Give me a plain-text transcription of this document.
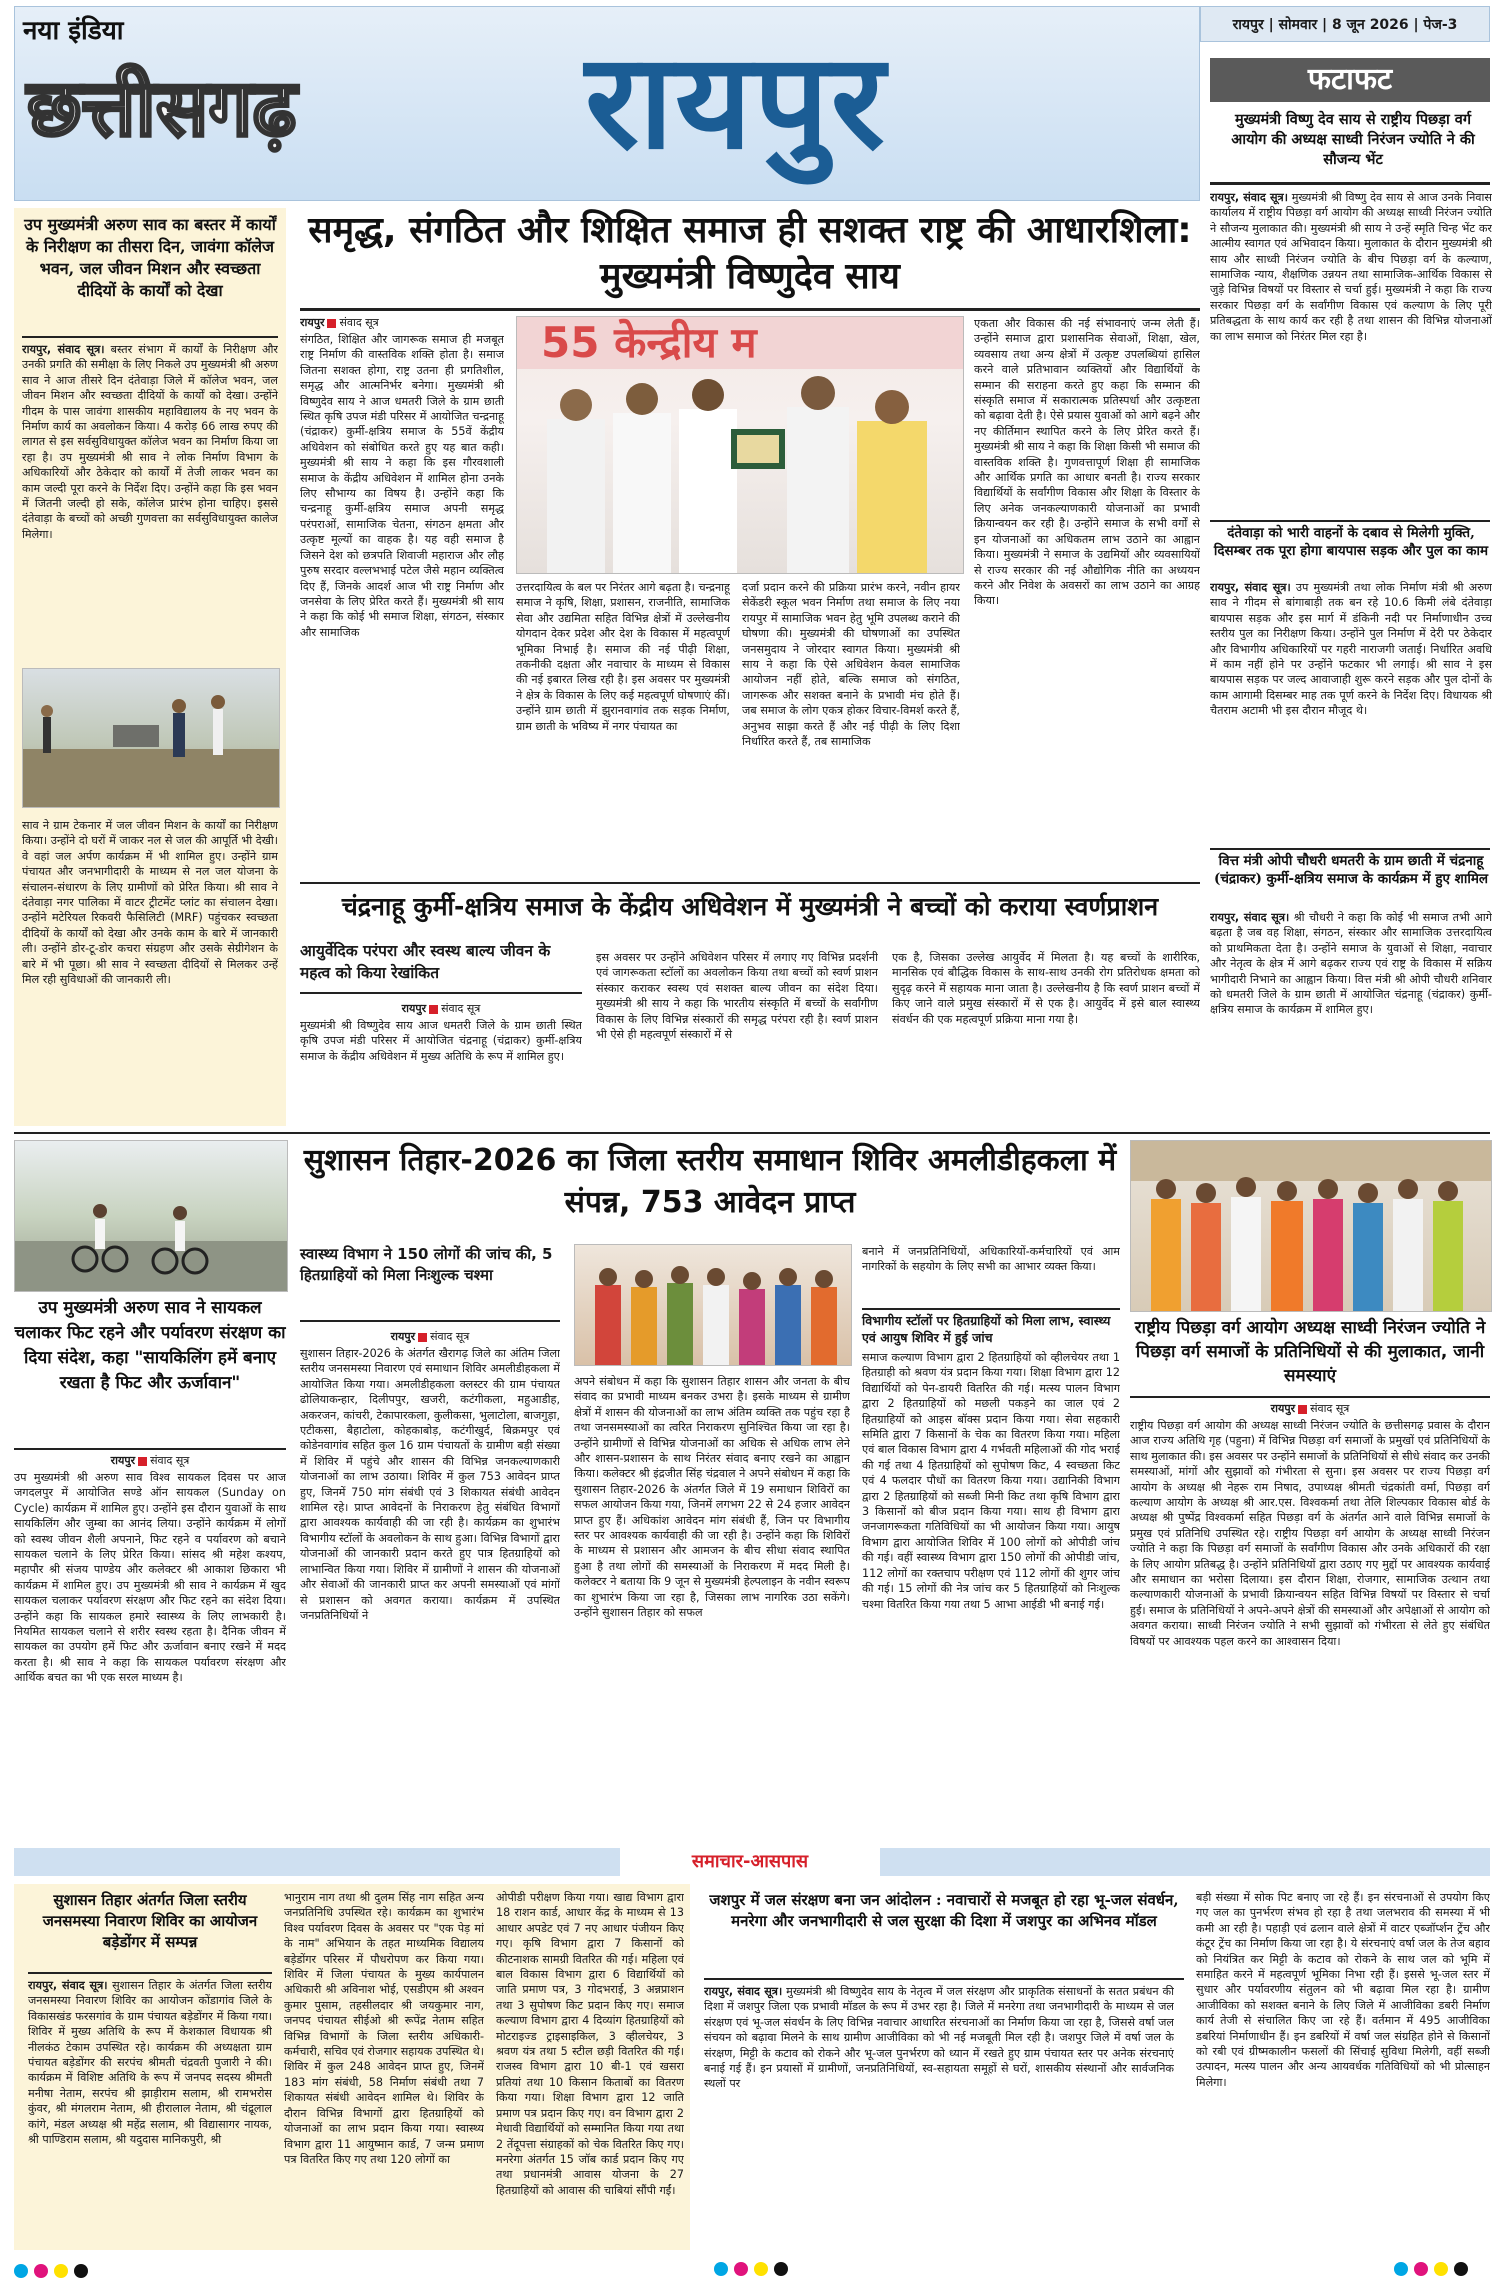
नया इंडिया
छत्तीसगढ़ रायपुर	रायपुर | सोमवार | 8 जून 2026 | पेज-3
फटाफट
मुख्यमंत्री विष्णु देव साय से राष्ट्रीय पिछड़ा वर्ग आयोग की अध्यक्ष साध्वी निरंजन ज्योति ने की सौजन्य भेंट
रायपुर, संवाद सूत्र। मुख्यमंत्री श्री विष्णु देव साय से आज उनके निवास कार्यालय में राष्ट्रीय पिछड़ा वर्ग आयोग की अध्यक्ष साध्वी निरंजन ज्योति ने सौजन्य मुलाकात की। मुख्यमंत्री श्री साय ने उन्हें स्मृति चिन्ह भेंट कर आत्मीय स्वागत एवं अभिवादन किया। मुलाकात के दौरान मुख्यमंत्री श्री साय और साध्वी निरंजन ज्योति के बीच पिछड़ा वर्ग के कल्याण, सामाजिक न्याय, शैक्षणिक उन्नयन तथा सामाजिक-आर्थिक विकास से जुड़े विभिन्न विषयों पर विस्तार से चर्चा हुई। मुख्यमंत्री ने कहा कि राज्य सरकार पिछड़ा वर्ग के सर्वांगीण विकास एवं कल्याण के लिए पूरी प्रतिबद्धता के साथ कार्य कर रही है तथा शासन की विभिन्न योजनाओं का लाभ समाज को निरंतर मिल रहा है।
दंतेवाड़ा को भारी वाहनों के दबाव से मिलेगी मुक्ति, दिसम्बर तक पूरा होगा बायपास सड़क और पुल का काम
रायपुर, संवाद सूत्र। उप मुख्यमंत्री तथा लोक निर्माण मंत्री श्री अरुण साव ने गीदम से बांगाबाड़ी तक बन रहे 10.6 किमी लंबे दंतेवाड़ा बायपास सड़क और इस मार्ग में डंकिनी नदी पर निर्माणाधीन उच्च स्तरीय पुल का निरीक्षण किया। उन्होंने पुल निर्माण में देरी पर ठेकेदार और विभागीय अधिकारियों पर गहरी नाराजगी जताई। निर्धारित अवधि में काम नहीं होने पर उन्होंने फटकार भी लगाई। श्री साव ने इस बायपास सड़क पर जल्द आवाजाही शुरू करने सड़क और पुल दोनों के काम आगामी दिसम्बर माह तक पूर्ण करने के निर्देश दिए। विधायक श्री चैतराम अटामी भी इस दौरान मौजूद थे।
वित्त मंत्री ओपी चौधरी धमतरी के ग्राम छाती में चंद्रनाहू (चंद्राकर) कुर्मी-क्षत्रिय समाज के कार्यक्रम में हुए शामिल
रायपुर, संवाद सूत्र। श्री चौधरी ने कहा कि कोई भी समाज तभी आगे बढ़ता है जब वह शिक्षा, संगठन, संस्कार और सामाजिक उत्तरदायित्व को प्राथमिकता देता है। उन्होंने समाज के युवाओं से शिक्षा, नवाचार और नेतृत्व के क्षेत्र में आगे बढ़कर राज्य एवं राष्ट्र के विकास में सक्रिय भागीदारी निभाने का आह्वान किया। वित्त मंत्री श्री ओपी चौधरी शनिवार को धमतरी जिले के ग्राम छाती में आयोजित चंद्रनाहू (चंद्राकर) कुर्मी-क्षत्रिय समाज के कार्यक्रम में शामिल हुए।
उप मुख्यमंत्री अरुण साव का बस्तर में कार्यों के निरीक्षण का तीसरा दिन, जावंगा कॉलेज भवन, जल जीवन मिशन और स्वच्छता दीदियों के कार्यों को देखा
रायपुर, संवाद सूत्र। बस्तर संभाग में कार्यों के निरीक्षण और उनकी प्रगति की समीक्षा के लिए निकले उप मुख्यमंत्री श्री अरुण साव ने आज तीसरे दिन दंतेवाड़ा जिले में कॉलेज भवन, जल जीवन मिशन और स्वच्छता दीदियों के कार्यों को देखा। उन्होंने गीदम के पास जावंगा शासकीय महाविद्यालय के नए भवन के निर्माण कार्य का अवलोकन किया। 4 करोड़ 66 लाख रुपए की लागत से इस सर्वसुविधायुक्त कॉलेज भवन का निर्माण किया जा रहा है। उप मुख्यमंत्री श्री साव ने लोक निर्माण विभाग के अधिकारियों और ठेकेदार को कार्यों में तेजी लाकर भवन का काम जल्दी पूरा करने के निर्देश दिए। उन्होंने कहा कि इस भवन में जितनी जल्दी हो सके, कॉलेज प्रारंभ होना चाहिए। इससे दंतेवाड़ा के बच्चों को अच्छी गुणवत्ता का सर्वसुविधायुक्त कालेज मिलेगा।
साव ने ग्राम टेकनार में जल जीवन मिशन के कार्यों का निरीक्षण किया। उन्होंने दो घरों में जाकर नल से जल की आपूर्ति भी देखी। वे वहां जल अर्पण कार्यक्रम में भी शामिल हुए। उन्होंने ग्राम पंचायत और जनभागीदारी के माध्यम से नल जल योजना के संचालन-संधारण के लिए ग्रामीणों को प्रेरित किया। श्री साव ने दंतेवाड़ा नगर पालिका में वाटर ट्रीटमेंट प्लांट का संचालन देखा। उन्होंने मटेरियल रिकवरी फैसिलिटी (MRF) पहुंचकर स्वच्छता दीदियों के कार्यों को देखा और उनके काम के बारे में जानकारी ली। उन्होंने डोर-टू-डोर कचरा संग्रहण और उसके सेग्रीगेशन के बारे में भी पूछा। श्री साव ने स्वच्छता दीदियों से मिलकर उन्हें मिल रही सुविधाओं की जानकारी ली।
समृद्ध, संगठित और शिक्षित समाज ही सशक्त राष्ट्र की आधारशिला: मुख्यमंत्री विष्णुदेव साय
रायपुर संवाद सूत्र
संगठित, शिक्षित और जागरूक समाज ही मजबूत राष्ट्र निर्माण की वास्तविक शक्ति होता है। समाज जितना सशक्त होगा, राष्ट्र उतना ही प्रगतिशील, समृद्ध और आत्मनिर्भर बनेगा। मुख्यमंत्री श्री विष्णुदेव साय ने आज धमतरी जिले के ग्राम छाती स्थित कृषि उपज मंडी परिसर में आयोजित चन्द्रनाहू (चंद्राकर) कुर्मी-क्षत्रिय समाज के 55वें केंद्रीय अधिवेशन को संबोधित करते हुए यह बात कही। मुख्यमंत्री श्री साय ने कहा कि इस गौरवशाली समाज के केंद्रीय अधिवेशन में शामिल होना उनके लिए सौभाग्य का विषय है। उन्होंने कहा कि चन्द्रनाहू कुर्मी-क्षत्रिय समाज अपनी समृद्ध परंपराओं, सामाजिक चेतना, संगठन क्षमता और उत्कृष्ट मूल्यों का वाहक है। यह वही समाज है जिसने देश को छत्रपति शिवाजी महाराज और लौह पुरुष सरदार वल्लभभाई पटेल जैसे महान व्यक्तित्व दिए हैं, जिनके आदर्श आज भी राष्ट्र निर्माण और जनसेवा के लिए प्रेरित करते हैं। मुख्यमंत्री श्री साय ने कहा कि कोई भी समाज शिक्षा, संगठन, संस्कार और सामाजिक
55 केन्द्रीय म
उत्तरदायित्व के बल पर निरंतर आगे बढ़ता है। चन्द्रनाहू समाज ने कृषि, शिक्षा, प्रशासन, राजनीति, सामाजिक सेवा और उद्यमिता सहित विभिन्न क्षेत्रों में उल्लेखनीय योगदान देकर प्रदेश और देश के विकास में महत्वपूर्ण भूमिका निभाई है। समाज की नई पीढ़ी शिक्षा, तकनीकी दक्षता और नवाचार के माध्यम से विकास की नई इबारत लिख रही है। इस अवसर पर मुख्यमंत्री ने क्षेत्र के विकास के लिए कई महत्वपूर्ण घोषणाएं कीं। उन्होंने ग्राम छाती में झुरानवागांव तक सड़क निर्माण, ग्राम छाती के भविष्य में नगर पंचायत का
दर्जा प्रदान करने की प्रक्रिया प्रारंभ करने, नवीन हायर सेकेंडरी स्कूल भवन निर्माण तथा समाज के लिए नया रायपुर में सामाजिक भवन हेतु भूमि उपलब्ध कराने की घोषणा की। मुख्यमंत्री की घोषणाओं का उपस्थित जनसमुदाय ने जोरदार स्वागत किया। मुख्यमंत्री श्री साय ने कहा कि ऐसे अधिवेशन केवल सामाजिक आयोजन नहीं होते, बल्कि समाज को संगठित, जागरूक और सशक्त बनाने के प्रभावी मंच होते हैं। जब समाज के लोग एकत्र होकर विचार-विमर्श करते हैं, अनुभव साझा करते हैं और नई पीढ़ी के लिए दिशा निर्धारित करते हैं, तब सामाजिक
एकता और विकास की नई संभावनाएं जन्म लेती हैं। उन्होंने समाज द्वारा प्रशासनिक सेवाओं, शिक्षा, खेल, व्यवसाय तथा अन्य क्षेत्रों में उत्कृष्ट उपलब्धियां हासिल करने वाले प्रतिभावान व्यक्तियों और विद्यार्थियों के सम्मान की सराहना करते हुए कहा कि सम्मान की संस्कृति समाज में सकारात्मक प्रतिस्पर्धा और उत्कृष्टता को बढ़ावा देती है। ऐसे प्रयास युवाओं को आगे बढ़ने और नए कीर्तिमान स्थापित करने के लिए प्रेरित करते हैं। मुख्यमंत्री श्री साय ने कहा कि शिक्षा किसी भी समाज की वास्तविक शक्ति है। गुणवत्तापूर्ण शिक्षा ही सामाजिक और आर्थिक प्रगति का आधार बनती है। राज्य सरकार विद्यार्थियों के सर्वांगीण विकास और शिक्षा के विस्तार के लिए अनेक जनकल्याणकारी योजनाओं का प्रभावी क्रियान्वयन कर रही है। उन्होंने समाज के सभी वर्गों से इन योजनाओं का अधिकतम लाभ उठाने का आह्वान किया। मुख्यमंत्री ने समाज के उद्यमियों और व्यवसायियों से राज्य सरकार की नई औद्योगिक नीति का अध्ययन करने और निवेश के अवसरों का लाभ उठाने का आग्रह किया।
चंद्रनाहू कुर्मी-क्षत्रिय समाज के केंद्रीय अधिवेशन में मुख्यमंत्री ने बच्चों को कराया स्वर्णप्राशन
आयुर्वेदिक परंपरा और स्वस्थ बाल्य जीवन के महत्व को किया रेखांकित
रायपुर संवाद सूत्र
मुख्यमंत्री श्री विष्णुदेव साय आज धमतरी जिले के ग्राम छाती स्थित कृषि उपज मंडी परिसर में आयोजित चंद्रनाहू (चंद्राकर) कुर्मी-क्षत्रिय समाज के केंद्रीय अधिवेशन में मुख्य अतिथि के रूप में शामिल हुए।
इस अवसर पर उन्होंने अधिवेशन परिसर में लगाए गए विभिन्न प्रदर्शनी एवं जागरूकता स्टॉलों का अवलोकन किया तथा बच्चों को स्वर्ण प्राशन संस्कार कराकर स्वस्थ एवं सशक्त बाल्य जीवन का संदेश दिया। मुख्यमंत्री श्री साय ने कहा कि भारतीय संस्कृति में बच्चों के सर्वांगीण विकास के लिए विभिन्न संस्कारों की समृद्ध परंपरा रही है। स्वर्ण प्राशन भी ऐसे ही महत्वपूर्ण संस्कारों में से
एक है, जिसका उल्लेख आयुर्वेद में मिलता है। यह बच्चों के शारीरिक, मानसिक एवं बौद्धिक विकास के साथ-साथ उनकी रोग प्रतिरोधक क्षमता को सुदृढ़ करने में सहायक माना जाता है। उल्लेखनीय है कि स्वर्ण प्राशन बच्चों में किए जाने वाले प्रमुख संस्कारों में से एक है। आयुर्वेद में इसे बाल स्वास्थ्य संवर्धन की एक महत्वपूर्ण प्रक्रिया माना गया है।
उप मुख्यमंत्री अरुण साव ने सायकल चलाकर फिट रहने और पर्यावरण संरक्षण का दिया संदेश, कहा "सायकिलिंग हमें बनाए रखता है फिट और ऊर्जावान"
रायपुर संवाद सूत्र
उप मुख्यमंत्री श्री अरुण साव विश्व सायकल दिवस पर आज जगदलपुर में आयोजित सण्डे ऑन सायकल (Sunday on Cycle) कार्यक्रम में शामिल हुए। उन्होंने इस दौरान युवाओं के साथ सायकिलिंग और जुम्बा का आनंद लिया। उन्होंने कार्यक्रम में लोगों को स्वस्थ जीवन शैली अपनाने, फिट रहने व पर्यावरण को बचाने सायकल चलाने के लिए प्रेरित किया। सांसद श्री महेश कश्यप, महापौर श्री संजय पाण्डेय और कलेक्टर श्री आकाश छिकारा भी कार्यक्रम में शामिल हुए। उप मुख्यमंत्री श्री साव ने कार्यक्रम में खुद सायकल चलाकर पर्यावरण संरक्षण और फिट रहने का संदेश दिया। उन्होंने कहा कि सायकल हमारे स्वास्थ्य के लिए लाभकारी है। नियमित सायकल चलाने से शरीर स्वस्थ रहता है। दैनिक जीवन में सायकल का उपयोग हमें फिट और ऊर्जावान बनाए रखने में मदद करता है। श्री साव ने कहा कि सायकल पर्यावरण संरक्षण और आर्थिक बचत का भी एक सरल माध्यम है।
सुशासन तिहार-2026 का जिला स्तरीय समाधान शिविर अमलीडीहकला में संपन्न, 753 आवेदन प्राप्त
स्वास्थ्य विभाग ने 150 लोगों की जांच की, 5 हितग्राहियों को मिला निःशुल्क चश्मा
रायपुर संवाद सूत्र
सुशासन तिहार-2026 के अंतर्गत खैरागढ़ जिले का अंतिम जिला स्तरीय जनसमस्या निवारण एवं समाधान शिविर अमलीडीहकला में आयोजित किया गया। अमलीडीहकला क्लस्टर की ग्राम पंचायत ढोलियाकन्हार, दिलीपपुर, खजरी, कटंगीकला, महुआडीह, अकरजन, कांचरी, टेकापारकला, कुलीकसा, भुलाटोला, बाजगुड़ा, एटीकसा, बैहाटोला, कोहकाबोड़, कटंगीखुर्द, बिक्रमपुर एवं कोडेनवागांव सहित कुल 16 ग्राम पंचायतों के ग्रामीण बड़ी संख्या में शिविर में पहुंचे और शासन की विभिन्न जनकल्याणकारी योजनाओं का लाभ उठाया। शिविर में कुल 753 आवेदन प्राप्त हुए, जिनमें 750 मांग संबंधी एवं 3 शिकायत संबंधी आवेदन शामिल रहे। प्राप्त आवेदनों के निराकरण हेतु संबंधित विभागों द्वारा आवश्यक कार्यवाही की जा रही है। कार्यक्रम का शुभारंभ विभागीय स्टॉलों के अवलोकन के साथ हुआ। विभिन्न विभागों द्वारा योजनाओं की जानकारी प्रदान करते हुए पात्र हितग्राहियों को लाभान्वित किया गया। शिविर में ग्रामीणों ने शासन की योजनाओं और सेवाओं की जानकारी प्राप्त कर अपनी समस्याओं एवं मांगों से प्रशासन को अवगत कराया। कार्यक्रम में उपस्थित जनप्रतिनिधियों ने
अपने संबोधन में कहा कि सुशासन तिहार शासन और जनता के बीच संवाद का प्रभावी माध्यम बनकर उभरा है। इसके माध्यम से ग्रामीण क्षेत्रों में शासन की योजनाओं का लाभ अंतिम व्यक्ति तक पहुंच रहा है तथा जनसमस्याओं का त्वरित निराकरण सुनिश्चित किया जा रहा है। उन्होंने ग्रामीणों से विभिन्न योजनाओं का अधिक से अधिक लाभ लेने और शासन-प्रशासन के साथ निरंतर संवाद बनाए रखने का आह्वान किया। कलेक्टर श्री इंद्रजीत सिंह चंद्रवाल ने अपने संबोधन में कहा कि सुशासन तिहार-2026 के अंतर्गत जिले में 19 समाधान शिविरों का सफल आयोजन किया गया, जिनमें लगभग 22 से 24 हजार आवेदन प्राप्त हुए हैं। अधिकांश आवेदन मांग संबंधी हैं, जिन पर विभागीय स्तर पर आवश्यक कार्यवाही की जा रही है। उन्होंने कहा कि शिविरों के माध्यम से प्रशासन और आमजन के बीच सीधा संवाद स्थापित हुआ है तथा लोगों की समस्याओं के निराकरण में मदद मिली है। कलेक्टर ने बताया कि 9 जून से मुख्यमंत्री हेल्पलाइन के नवीन स्वरूप का शुभारंभ किया जा रहा है, जिसका लाभ नागरिक उठा सकेंगे। उन्होंने सुशासन तिहार को सफल
बनाने में जनप्रतिनिधियों, अधिकारियों-कर्मचारियों एवं आम नागरिकों के सहयोग के लिए सभी का आभार व्यक्त किया।
विभागीय स्टॉलों पर हितग्राहियों को मिला लाभ, स्वास्थ्य एवं आयुष शिविर में हुई जांच
समाज कल्याण विभाग द्वारा 2 हितग्राहियों को व्हीलचेयर तथा 1 हितग्राही को श्रवण यंत्र प्रदान किया गया। शिक्षा विभाग द्वारा 12 विद्यार्थियों को पेन-डायरी वितरित की गई। मत्स्य पालन विभाग द्वारा 2 हितग्राहियों को मछली पकड़ने का जाल एवं 2 हितग्राहियों को आइस बॉक्स प्रदान किया गया। सेवा सहकारी समिति द्वारा 7 किसानों के चेक का वितरण किया गया। महिला एवं बाल विकास विभाग द्वारा 4 गर्भवती महिलाओं की गोद भराई की गई तथा 4 हितग्राहियों को सुपोषण किट, 4 स्वच्छता किट एवं 4 फलदार पौधों का वितरण किया गया। उद्यानिकी विभाग द्वारा 2 हितग्राहियों को सब्जी मिनी किट तथा कृषि विभाग द्वारा 3 किसानों को बीज प्रदान किया गया। साथ ही विभाग द्वारा जनजागरूकता गतिविधियों का भी आयोजन किया गया। आयुष विभाग द्वारा आयोजित शिविर में 100 लोगों को ओपीडी जांच की गई। वहीं स्वास्थ्य विभाग द्वारा 150 लोगों की ओपीडी जांच, 112 लोगों का रक्तचाप परीक्षण एवं 112 लोगों की शुगर जांच की गई। 15 लोगों की नेत्र जांच कर 5 हितग्राहियों को निःशुल्क चश्मा वितरित किया गया तथा 5 आभा आईडी भी बनाई गई।
राष्ट्रीय पिछड़ा वर्ग आयोग अध्यक्ष साध्वी निरंजन ज्योति ने पिछड़ा वर्ग समाजों के प्रतिनिधियों से की मुलाकात, जानी समस्याएं
रायपुर संवाद सूत्र
राष्ट्रीय पिछड़ा वर्ग आयोग की अध्यक्ष साध्वी निरंजन ज्योति के छत्तीसगढ़ प्रवास के दौरान आज राज्य अतिथि गृह (पहुना) में विभिन्न पिछड़ा वर्ग समाजों के प्रमुखों एवं प्रतिनिधियों के साथ मुलाकात की। इस अवसर पर उन्होंने समाजों के प्रतिनिधियों से सीधे संवाद कर उनकी समस्याओं, मांगों और सुझावों को गंभीरता से सुना। इस अवसर पर राज्य पिछड़ा वर्ग आयोग के अध्यक्ष श्री नेहरू राम निषाद, उपाध्यक्ष श्रीमती चंद्रकांती वर्मा, पिछड़ा वर्ग कल्याण आयोग के अध्यक्ष श्री आर.एस. विश्वकर्मा तथा तेलि शिल्पकार विकास बोर्ड के अध्यक्ष श्री पुष्पेंद्र विश्वकर्मा सहित पिछड़ा वर्ग के अंतर्गत आने वाले विभिन्न समाजों के प्रमुख एवं प्रतिनिधि उपस्थित रहे। राष्ट्रीय पिछड़ा वर्ग आयोग के अध्यक्ष साध्वी निरंजन ज्योति ने कहा कि पिछड़ा वर्ग समाजों के सर्वांगीण विकास और उनके अधिकारों की रक्षा के लिए आयोग प्रतिबद्ध है। उन्होंने प्रतिनिधियों द्वारा उठाए गए मुद्दों पर आवश्यक कार्यवाई और समाधान का भरोसा दिलाया। इस दौरान शिक्षा, रोजगार, सामाजिक उत्थान तथा कल्याणकारी योजनाओं के प्रभावी क्रियान्वयन सहित विभिन्न विषयों पर विस्तार से चर्चा हुई। समाज के प्रतिनिधियों ने अपने-अपने क्षेत्रों की समस्याओं और अपेक्षाओं से आयोग को अवगत कराया। साध्वी निरंजन ज्योति ने सभी सुझावों को गंभीरता से लेते हुए संबंधित विषयों पर आवश्यक पहल करने का आश्वासन दिया।
समाचार-आसपास
सुशासन तिहार अंतर्गत जिला स्तरीय जनसमस्या निवारण शिविर का आयोजन बड़ेडोंगर में सम्पन्न
रायपुर, संवाद सूत्र। सुशासन तिहार के अंतर्गत जिला स्तरीय जनसमस्या निवारण शिविर का आयोजन कोंडागांव जिले के विकासखंड फरसगांव के ग्राम पंचायत बड़ेडोंगर में किया गया। शिविर में मुख्य अतिथि के रूप में केशकाल विधायक श्री नीलकंठ टेकाम उपस्थित रहे। कार्यक्रम की अध्यक्षता ग्राम पंचायत बड़ेडोंगर की सरपंच श्रीमती चंद्रवती पुजारी ने की। कार्यक्रम में विशिष्ट अतिथि के रूप में जनपद सदस्य श्रीमती मनीषा नेताम, सरपंच श्री झाड़ीराम सलाम, श्री रामभरोस कुंवर, श्री मंगलराम नेताम, श्री हीरालाल नेताम, श्री चंद्रूलाल कांगे, मंडल अध्यक्ष श्री महेंद्र सलाम, श्री विद्यासागर नायक, श्री पाण्डिराम सलाम, श्री यदुदास मानिकपुरी, श्री
भानुराम नाग तथा श्री दुलम सिंह नाग सहित अन्य जनप्रतिनिधि उपस्थित रहे। कार्यक्रम का शुभारंभ विश्व पर्यावरण दिवस के अवसर पर "एक पेड़ मां के नाम" अभियान के तहत माध्यमिक विद्यालय बड़ेडोंगर परिसर में पौधरोपण कर किया गया। शिविर में जिला पंचायत के मुख्य कार्यपालन अधिकारी श्री अविनाश भोई, एसडीएम श्री अश्वन कुमार पुसाम, तहसीलदार श्री जयकुमार नाग, जनपद पंचायत सीईओ श्री रूपेंद्र नेताम सहित विभिन्न विभागों के जिला स्तरीय अधिकारी-कर्मचारी, सचिव एवं रोजगार सहायक उपस्थित थे। शिविर में कुल 248 आवेदन प्राप्त हुए, जिनमें 183 मांग संबंधी, 58 निर्माण संबंधी तथा 7 शिकायत संबंधी आवेदन शामिल थे। शिविर के दौरान विभिन्न विभागों द्वारा हितग्राहियों को योजनाओं का लाभ प्रदान किया गया। स्वास्थ्य विभाग द्वारा 11 आयुष्मान कार्ड, 7 जन्म प्रमाण पत्र वितरित किए गए तथा 120 लोगों का
ओपीडी परीक्षण किया गया। खाद्य विभाग द्वारा 18 राशन कार्ड, आधार केंद्र के माध्यम से 13 आधार अपडेट एवं 7 नए आधार पंजीयन किए गए। कृषि विभाग द्वारा 7 किसानों को कीटनाशक सामग्री वितरित की गई। महिला एवं बाल विकास विभाग द्वारा 6 विद्यार्थियों को जाति प्रमाण पत्र, 3 गोदभराई, 3 अन्नप्राशन तथा 3 सुपोषण किट प्रदान किए गए। समाज कल्याण विभाग द्वारा 4 दिव्यांग हितग्राहियों को मोटराइज्ड ट्राइसाइकिल, 3 व्हीलचेयर, 3 श्रवण यंत्र तथा 5 स्टील छड़ी वितरित की गई। राजस्व विभाग द्वारा 10 बी-1 एवं खसरा प्रतियां तथा 10 किसान किताबों का वितरण किया गया। शिक्षा विभाग द्वारा 12 जाति प्रमाण पत्र प्रदान किए गए। वन विभाग द्वारा 2 मेधावी विद्यार्थियों को सम्मानित किया गया तथा 2 तेंदूपत्ता संग्राहकों को चेक वितरित किए गए। मनरेगा अंतर्गत 15 जॉब कार्ड प्रदान किए गए तथा प्रधानमंत्री आवास योजना के 27 हितग्राहियों को आवास की चाबियां सौंपी गईं।
जशपुर में जल संरक्षण बना जन आंदोलन : नवाचारों से मजबूत हो रहा भू-जल संवर्धन, मनरेगा और जनभागीदारी से जल सुरक्षा की दिशा में जशपुर का अभिनव मॉडल
रायपुर, संवाद सूत्र। मुख्यमंत्री श्री विष्णुदेव साय के नेतृत्व में जल संरक्षण और प्राकृतिक संसाधनों के सतत प्रबंधन की दिशा में जशपुर जिला एक प्रभावी मॉडल के रूप में उभर रहा है। जिले में मनरेगा तथा जनभागीदारी के माध्यम से जल संरक्षण एवं भू-जल संवर्धन के लिए विभिन्न नवाचार आधारित संरचनाओं का निर्माण किया जा रहा है, जिससे वर्षा जल संचयन को बढ़ावा मिलने के साथ ग्रामीण आजीविका को भी नई मजबूती मिल रही है। जशपुर जिले में वर्षा जल के संरक्षण, मिट्टी के कटाव को रोकने और भू-जल पुनर्भरण को ध्यान में रखते हुए ग्राम पंचायत स्तर पर अनेक संरचनाएं बनाई गई हैं। इन प्रयासों में ग्रामीणों, जनप्रतिनिधियों, स्व-सहायता समूहों से घरों, शासकीय संस्थानों और सार्वजनिक स्थलों पर
बड़ी संख्या में सोक पिट बनाए जा रहे हैं। इन संरचनाओं से उपयोग किए गए जल का पुनर्भरण संभव हो रहा है तथा जलभराव की समस्या में भी कमी आ रही है। पहाड़ी एवं ढलान वाले क्षेत्रों में वाटर एब्जॉर्प्शन ट्रेंच और कंटूर ट्रेंच का निर्माण किया जा रहा है। ये संरचनाएं वर्षा जल के तेज बहाव को नियंत्रित कर मिट्टी के कटाव को रोकने के साथ जल को भूमि में समाहित करने में महत्वपूर्ण भूमिका निभा रही हैं। इससे भू-जल स्तर में सुधार और पर्यावरणीय संतुलन को भी बढ़ावा मिल रहा है। ग्रामीण आजीविका को सशक्त बनाने के लिए जिले में आजीविका डबरी निर्माण कार्य तेजी से संचालित किए जा रहे हैं। वर्तमान में 495 आजीविका डबरियां निर्माणाधीन हैं। इन डबरियों में वर्षा जल संग्रहित होने से किसानों को रबी एवं ग्रीष्मकालीन फसलों की सिंचाई सुविधा मिलेगी, वहीं सब्जी उत्पादन, मत्स्य पालन और अन्य आयवर्धक गतिविधियों को भी प्रोत्साहन मिलेगा।
